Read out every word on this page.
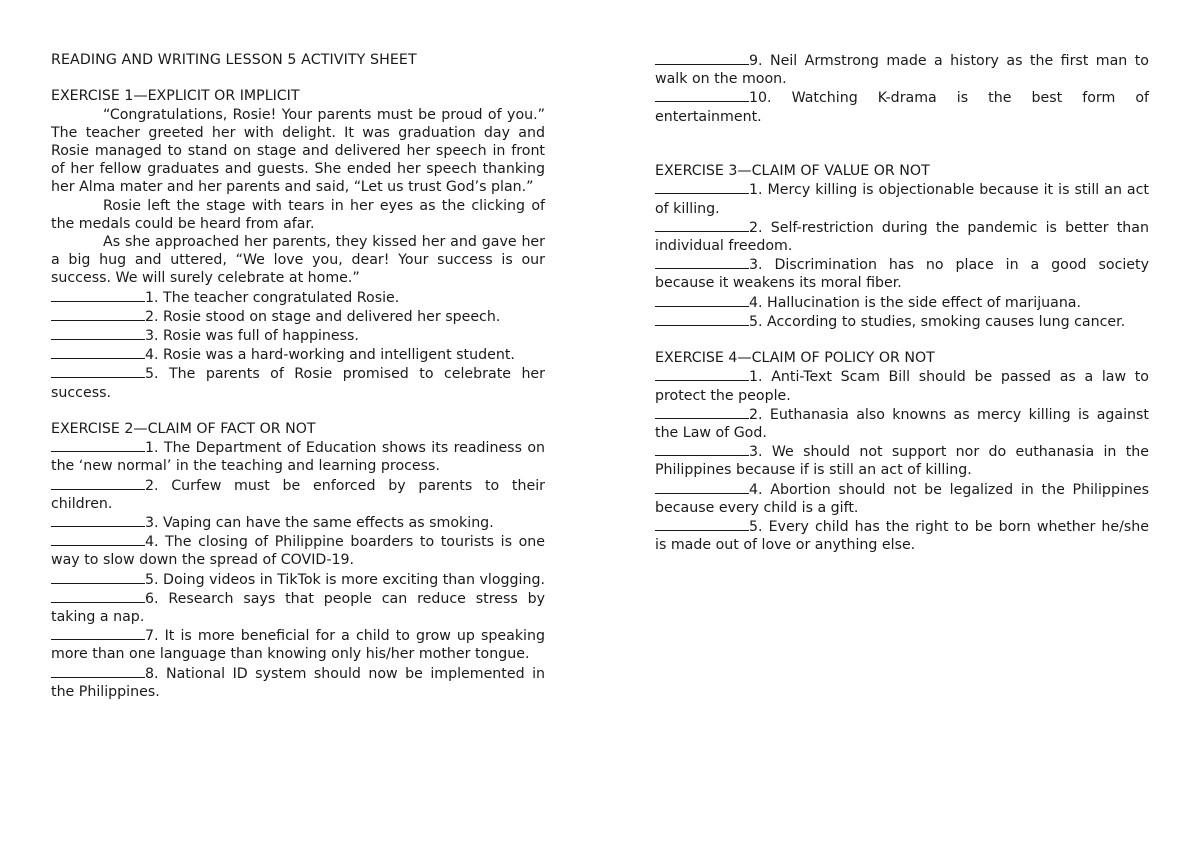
READING AND WRITING LESSON 5 ACTIVITY SHEET
EXERCISE 1—EXPLICIT OR IMPLICIT

“Congratulations, Rosie! Your parents must be proud of you.” The teacher greeted her with delight. It was graduation day and Rosie managed to stand on stage and delivered her speech in front of her fellow graduates and guests. She ended her speech thanking her Alma mater and her parents and said, “Let us trust God’s plan.”

Rosie left the stage with tears in her eyes as the clicking of the medals could be heard from afar.

As she approached her parents, they kissed her and gave her a big hug and uttered, “We love you, dear! Your success is our success. We will surely celebrate at home.”

1. The teacher congratulated Rosie.

2. Rosie stood on stage and delivered her speech.

3. Rosie was full of happiness.

4. Rosie was a hard-working and intelligent student.

5. The parents of Rosie promised to celebrate her success.

EXERCISE 2—CLAIM OF FACT OR NOT

1. The Department of Education shows its readiness on the ‘new normal’ in the teaching and learning process.

2. Curfew must be enforced by parents to their children.

3. Vaping can have the same effects as smoking.

4. The closing of Philippine boarders to tourists is one way to slow down the spread of COVID-19.

5. Doing videos in TikTok is more exciting than vlogging.

6. Research says that people can reduce stress by taking a nap.

7. It is more beneficial for a child to grow up speaking more than one language than knowing only his/her mother tongue.

8. National ID system should now be implemented in the Philippines.

9. Neil Armstrong made a history as the first man to walk on the moon.

10. Watching K-drama is the best form of entertainment.

EXERCISE 3—CLAIM OF VALUE OR NOT

1. Mercy killing is objectionable because it is still an act of killing.

2. Self-restriction during the pandemic is better than individual freedom.

3. Discrimination has no place in a good society because it weakens its moral fiber.

4. Hallucination is the side effect of marijuana.

5. According to studies, smoking causes lung cancer.

EXERCISE 4—CLAIM OF POLICY OR NOT

1. Anti-Text Scam Bill should be passed as a law to protect the people.

2. Euthanasia also knowns as mercy killing is against the Law of God.

3. We should not support nor do euthanasia in the Philippines because if is still an act of killing.

4. Abortion should not be legalized in the Philippines because every child is a gift.

5. Every child has the right to be born whether he/she is made out of love or anything else.
